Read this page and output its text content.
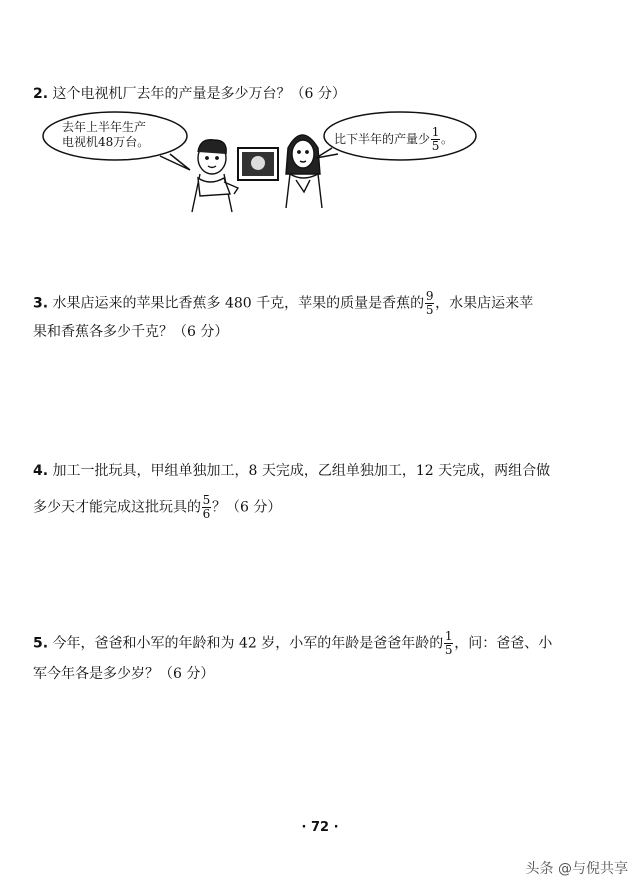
2. 这个电视机厂去年的产量是多少万台？（6 分）
去年上半年生产
电视机48万台。	比下半年的产量少 $\frac{1}{5}$ 。
3. 水果店运来的苹果比香蕉多 480 千克，苹果的质量是香蕉的 $\frac{9}{5}$ ，水果店运来苹
果和香蕉各多少千克？（6 分）
4. 加工一批玩具，甲组单独加工，8 天完成，乙组单独加工，12 天完成，两组合做
多少天才能完成这批玩具的 $\frac{5}{6}$ ？（6 分）
5. 今年，爸爸和小军的年龄和为 42 岁，小军的年龄是爸爸年龄的 $\frac{1}{5}$ ，问：爸爸、小
军今年各是多少岁？（6 分）
· 72 ·
头条 @与倪共享
